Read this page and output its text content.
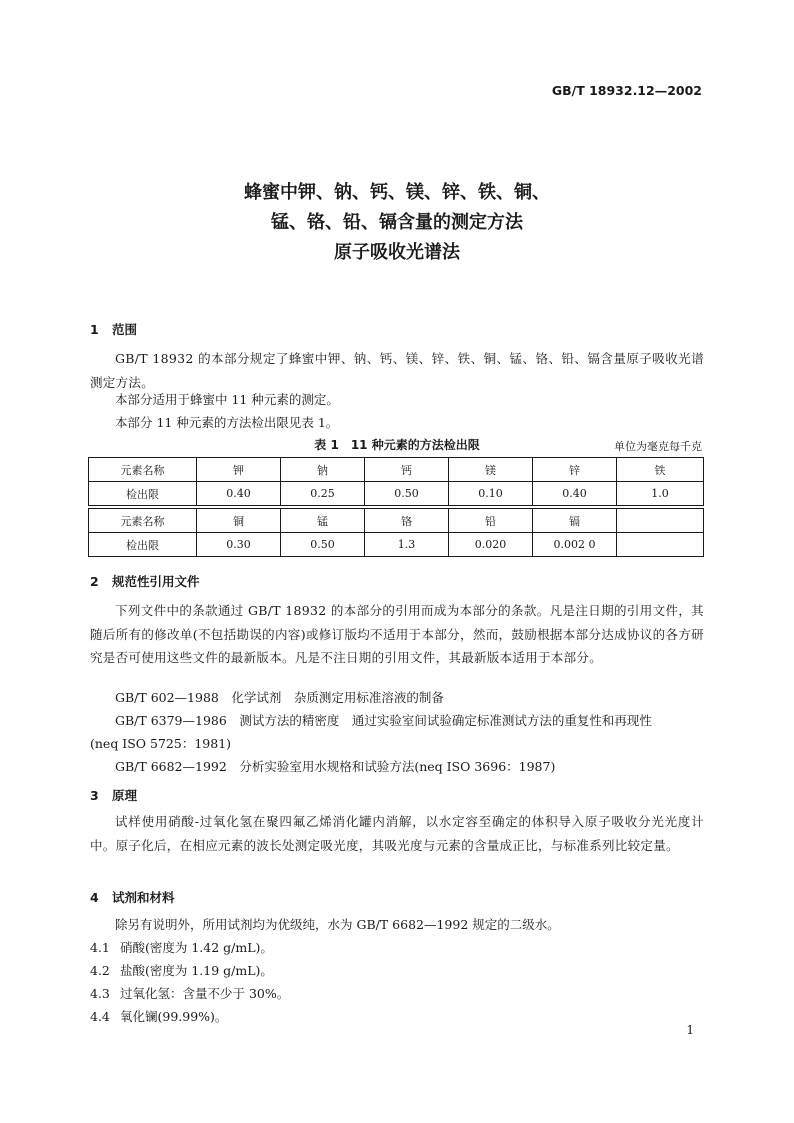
GB/T 18932.12—2002
蜂蜜中钾、钠、钙、镁、锌、铁、铜、
锰、铬、铅、镉含量的测定方法
原子吸收光谱法
1 范围

GB/T 18932 的本部分规定了蜂蜜中钾、钠、钙、镁、锌、铁、铜、锰、铬、铅、镉含量原子吸收光谱测定方法。

本部分适用于蜂蜜中 11 种元素的测定。
本部分 11 种元素的方法检出限见表 1。
表 1　11 种元素的方法检出限	单位为毫克每千克
元素名称	钾	钠	钙	镁	锌	铁
检出限	0.40	0.25	0.50	0.10	0.40	1.0

元素名称	铜	锰	铬	铅	镉	
检出限	0.30	0.50	1.3	0.020	0.002 0	
2 规范性引用文件

下列文件中的条款通过 GB/T 18932 的本部分的引用而成为本部分的条款。凡是注日期的引用文件，其随后所有的修改单(不包括勘误的内容)或修订版均不适用于本部分，然而，鼓励根据本部分达成协议的各方研究是否可使用这些文件的最新版本。凡是不注日期的引用文件，其最新版本适用于本部分。

GB/T 602—1988　化学试剂　杂质测定用标准溶液的制备
GB/T 6379—1986　测试方法的精密度　通过实验室间试验确定标准测试方法的重复性和再现性
(neq ISO 5725：1981)
GB/T 6682—1992　分析实验室用水规格和试验方法(neq ISO 3696：1987)
3 原理

试样使用硝酸-过氧化氢在聚四氟乙烯消化罐内消解，以水定容至确定的体积导入原子吸收分光光度计中。原子化后，在相应元素的波长处测定吸光度，其吸光度与元素的含量成正比，与标准系列比较定量。

4 试剂和材料
除另有说明外，所用试剂均为优级纯，水为 GB/T 6682—1992 规定的二级水。
4.1 硝酸(密度为 1.42 g/mL)。
4.2 盐酸(密度为 1.19 g/mL)。
4.3 过氧化氢：含量不少于 30%。
4.4 氧化镧(99.99%)。
1
